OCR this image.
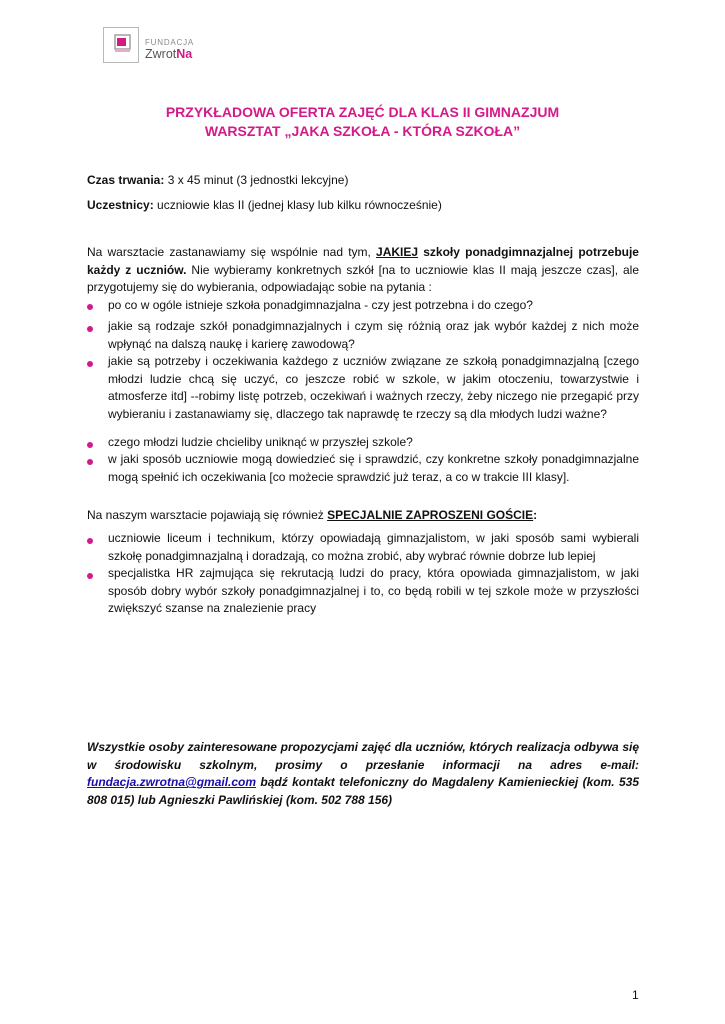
FUNDACJA
ZwrotNa
PRZYKŁADOWA OFERTA ZAJĘĆ DLA KLAS II GIMNAZJUM
WARSZTAT „JAKA SZKOŁA - KTÓRA SZKOŁA”
Czas trwania: 3 x 45 minut (3 jednostki lekcyjne)
Uczestnicy: uczniowie klas II (jednej klasy lub kilku równocześnie)
Na warsztacie zastanawiamy się wspólnie nad tym, JAKIEJ szkoły ponadgimnazjalnej potrzebuje każdy z uczniów. Nie wybieramy konkretnych szkół [na to uczniowie klas II mają jeszcze czas], ale przygotujemy się do wybierania, odpowiadając sobie na pytania :
po co w ogóle istnieje szkoła ponadgimnazjalna - czy jest potrzebna i do czego?
jakie są rodzaje szkół ponadgimnazjalnych i czym się różnią oraz jak wybór każdej z nich może wpłynąć na dalszą naukę i karierę zawodową?
jakie są potrzeby i oczekiwania każdego z uczniów związane ze szkołą ponadgimnazjalną [czego młodzi ludzie chcą się uczyć, co jeszcze robić w szkole, w jakim otoczeniu, towarzystwie i atmosferze itd] --robimy listę potrzeb, oczekiwań i ważnych rzeczy, żeby niczego nie przegapić przy wybieraniu i zastanawiamy się, dlaczego tak naprawdę te rzeczy są dla młodych ludzi ważne?
czego młodzi ludzie chcieliby uniknąć w przyszłej szkole?
w jaki sposób uczniowie mogą dowiedzieć się i sprawdzić, czy konkretne szkoły ponadgimnazjalne mogą spełnić ich oczekiwania [co możecie sprawdzić już teraz, a co w trakcie III klasy].
Na naszym warsztacie pojawiają się również SPECJALNIE ZAPROSZENI GOŚCIE:
uczniowie liceum i technikum, którzy opowiadają gimnazjalistom, w jaki sposób sami wybierali szkołę ponadgimnazjalną i doradzają, co można zrobić, aby wybrać równie dobrze lub lepiej
specjalistka HR zajmująca się rekrutacją ludzi do pracy, która opowiada gimnazjalistom, w jaki sposób dobry wybór szkoły ponadgimnazjalnej i to, co będą robili w tej szkole może w przyszłości zwiększyć szanse na znalezienie pracy
Wszystkie osoby zainteresowane propozycjami zajęć dla uczniów, których realizacja odbywa się w środowisku szkolnym, prosimy o przesłanie informacji na adres e-mail: fundacja.zwrotna@gmail.com bądź kontakt telefoniczny do Magdaleny Kamienieckiej (kom. 535 808 015) lub Agnieszki Pawlińskiej (kom. 502 788 156)
1
